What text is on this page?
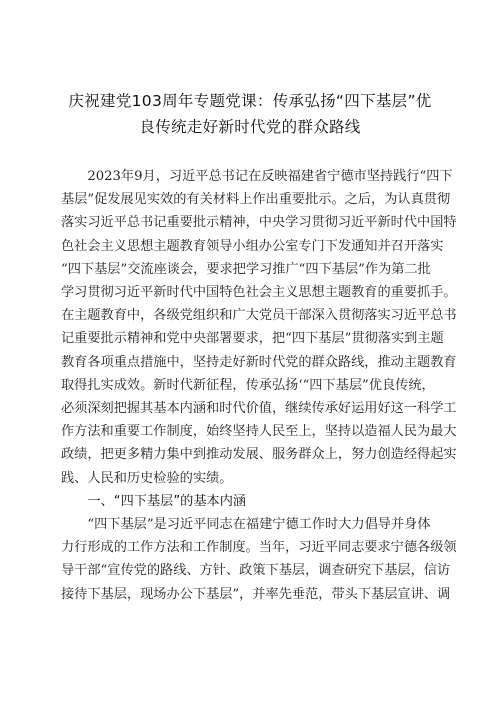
庆祝建党103周年专题党课：传承弘扬“四下基层”优
良传统走好新时代党的群众路线

　　2023年9月，习近平总书记在反映福建省宁德市坚持践行“四下
基层”促发展见实效的有关材料上作出重要批示。之后，为认真贯彻
落实习近平总书记重要批示精神，中央学习贯彻习近平新时代中国特
色社会主义思想主题教育领导小组办公室专门下发通知并召开落实
“四下基层”交流座谈会，要求把学习推广“四下基层”作为第二批
学习贯彻习近平新时代中国特色社会主义思想主题教育的重要抓手。
在主题教育中，各级党组织和广大党员干部深入贯彻落实习近平总书
记重要批示精神和党中央部署要求，把“四下基层”贯彻落实到主题
教育各项重点措施中，坚持走好新时代党的群众路线，推动主题教育
取得扎实成效。新时代新征程，传承弘扬‘“四下基层”优良传统，
必须深刻把握其基本内涵和时代价值，继续传承好运用好这一科学工
作方法和重要工作制度，始终坚持人民至上，坚持以造福人民为最大
政绩，把更多精力集中到推动发展、服务群众上，努力创造经得起实
践、人民和历史检验的实绩。

　　一、“四下基层”的基本内涵

　　“四下基层”是习近平同志在福建宁德工作时大力倡导并身体
力行形成的工作方法和工作制度。当年，习近平同志要求宁德各级领
导干部“宣传党的路线、方针、政策下基层，调查研究下基层，信访
接待下基层，现场办公下基层”，并率先垂范，带头下基层宣讲、调
